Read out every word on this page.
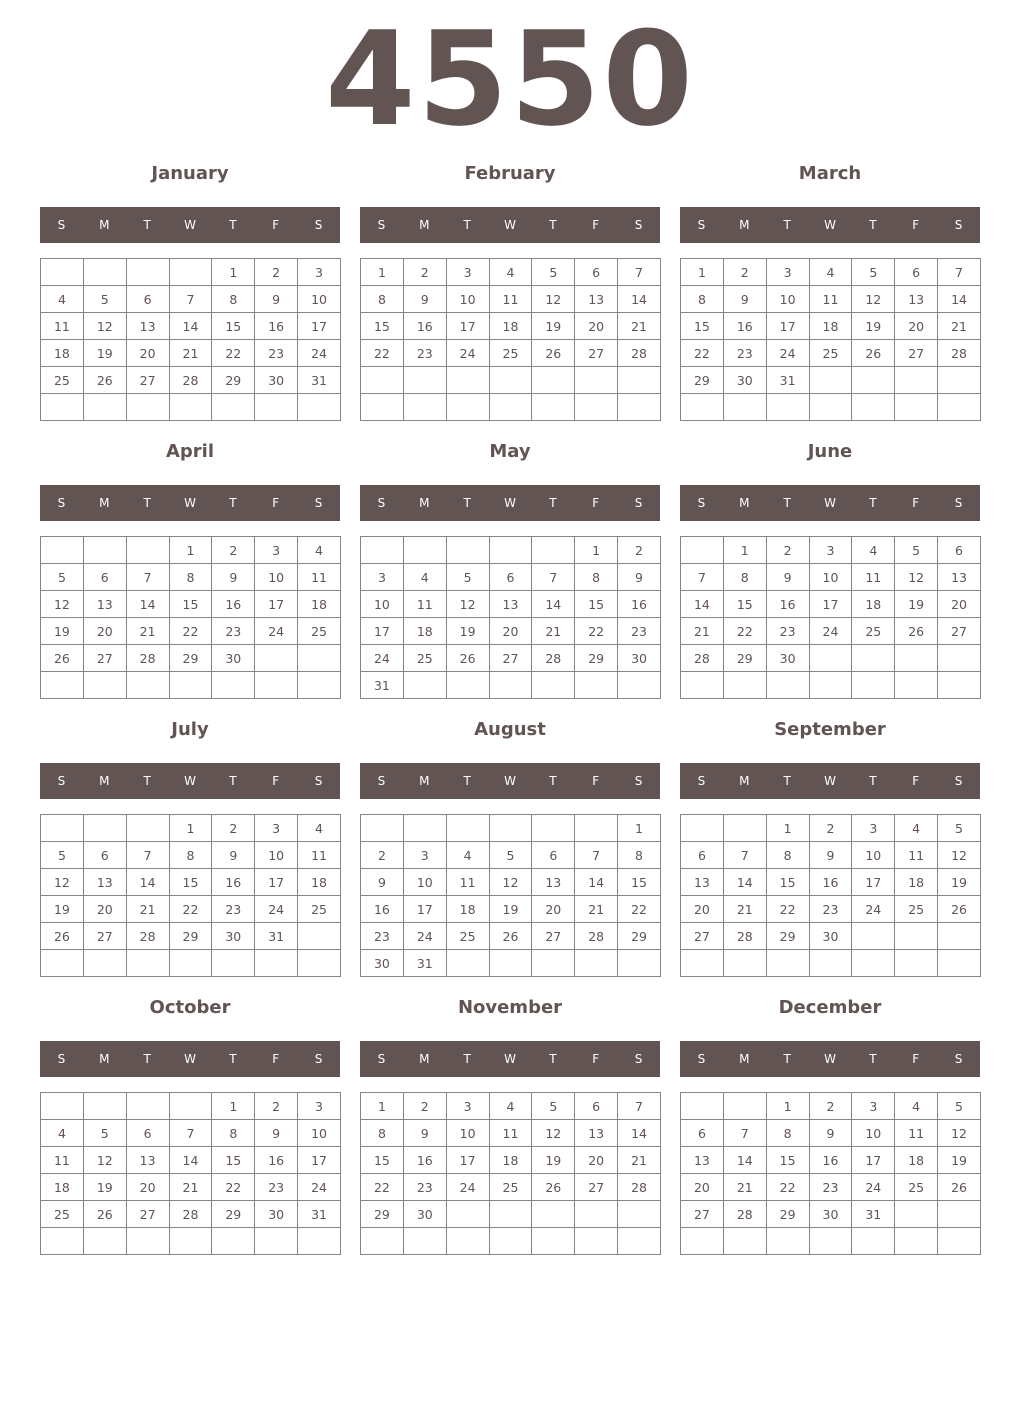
4550
January
S	M	T	W	T	F	S
				1	2	3
4	5	6	7	8	9	10
11	12	13	14	15	16	17
18	19	20	21	22	23	24
25	26	27	28	29	30	31

February
S	M	T	W	T	F	S
1	2	3	4	5	6	7
8	9	10	11	12	13	14
15	16	17	18	19	20	21
22	23	24	25	26	27	28

March
S	M	T	W	T	F	S
1	2	3	4	5	6	7
8	9	10	11	12	13	14
15	16	17	18	19	20	21
22	23	24	25	26	27	28
29	30	31				

April
S	M	T	W	T	F	S
			1	2	3	4
5	6	7	8	9	10	11
12	13	14	15	16	17	18
19	20	21	22	23	24	25
26	27	28	29	30		

May
S	M	T	W	T	F	S
					1	2
3	4	5	6	7	8	9
10	11	12	13	14	15	16
17	18	19	20	21	22	23
24	25	26	27	28	29	30
31						
June
S	M	T	W	T	F	S
	1	2	3	4	5	6
7	8	9	10	11	12	13
14	15	16	17	18	19	20
21	22	23	24	25	26	27
28	29	30				

July
S	M	T	W	T	F	S
			1	2	3	4
5	6	7	8	9	10	11
12	13	14	15	16	17	18
19	20	21	22	23	24	25
26	27	28	29	30	31	

August
S	M	T	W	T	F	S
						1
2	3	4	5	6	7	8
9	10	11	12	13	14	15
16	17	18	19	20	21	22
23	24	25	26	27	28	29
30	31					
September
S	M	T	W	T	F	S
		1	2	3	4	5
6	7	8	9	10	11	12
13	14	15	16	17	18	19
20	21	22	23	24	25	26
27	28	29	30			

October
S	M	T	W	T	F	S
				1	2	3
4	5	6	7	8	9	10
11	12	13	14	15	16	17
18	19	20	21	22	23	24
25	26	27	28	29	30	31

November
S	M	T	W	T	F	S
1	2	3	4	5	6	7
8	9	10	11	12	13	14
15	16	17	18	19	20	21
22	23	24	25	26	27	28
29	30					

December
S	M	T	W	T	F	S
		1	2	3	4	5
6	7	8	9	10	11	12
13	14	15	16	17	18	19
20	21	22	23	24	25	26
27	28	29	30	31		
